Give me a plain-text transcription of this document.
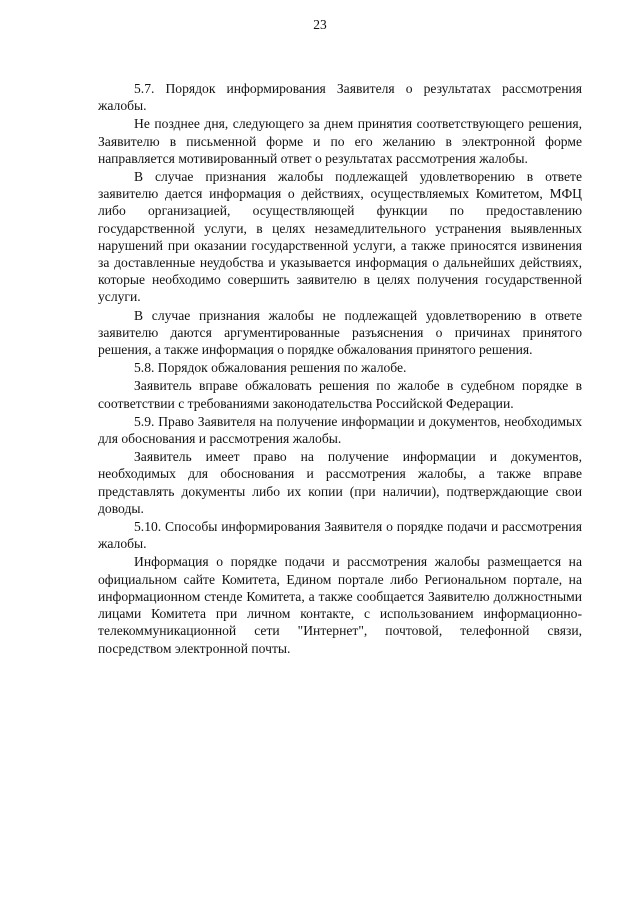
23

5.7. Порядок информирования Заявителя о результатах рассмотрения жалобы.

Не позднее дня, следующего за днем принятия соответствующего решения, Заявителю в письменной форме и по его желанию в электронной форме направляется мотивированный ответ о результатах рассмотрения жалобы.

В случае признания жалобы подлежащей удовлетворению в ответе заявителю дается информация о действиях, осуществляемых Комитетом, МФЦ либо организацией, осуществляющей функции по предоставлению государственной услуги, в целях незамедлительного устранения выявленных нарушений при оказании государственной услуги, а также приносятся извинения за доставленные неудобства и указывается информация о дальнейших действиях, которые необходимо совершить заявителю в целях получения государственной услуги.

В случае признания жалобы не подлежащей удовлетворению в ответе заявителю даются аргументированные разъяснения о причинах принятого решения, а также информация о порядке обжалования принятого решения.

5.8. Порядок обжалования решения по жалобе.

Заявитель вправе обжаловать решения по жалобе в судебном порядке в соответствии с требованиями законодательства Российской Федерации.

5.9. Право Заявителя на получение информации и документов, необходимых для обоснования и рассмотрения жалобы.

Заявитель имеет право на получение информации и документов, необходимых для обоснования и рассмотрения жалобы, а также вправе представлять документы либо их копии (при наличии), подтверждающие свои доводы.

5.10. Способы информирования Заявителя о порядке подачи и рассмотрения жалобы.

Информация о порядке подачи и рассмотрения жалобы размещается на официальном сайте Комитета, Едином портале либо Региональном портале, на информационном стенде Комитета, а также сообщается Заявителю должностными лицами Комитета при личном контакте, с использованием информационно-телекоммуникационной сети "Интернет", почтовой, телефонной связи, посредством электронной почты.
